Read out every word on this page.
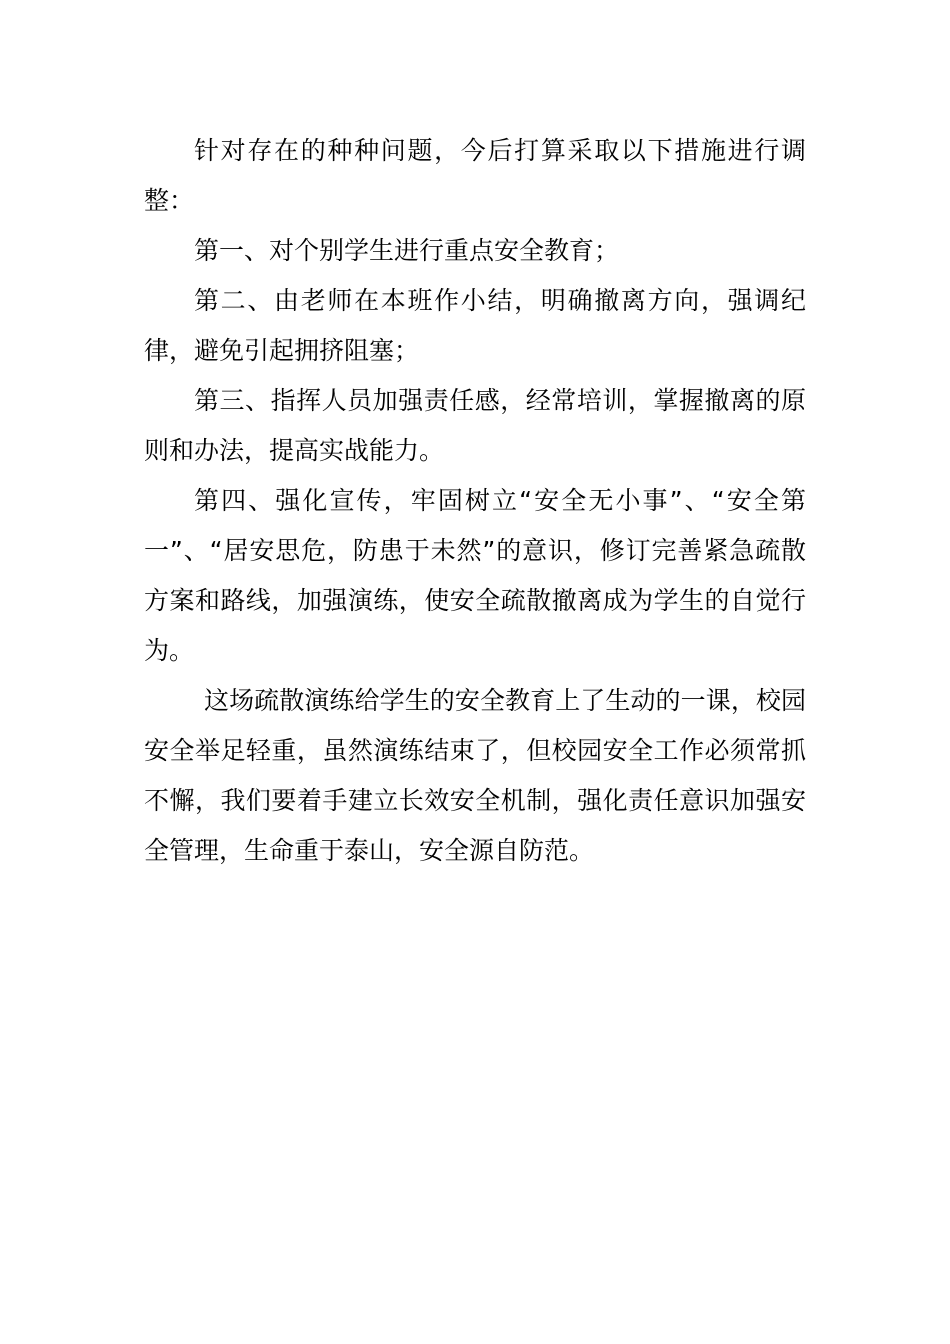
针对存在的种种问题，今后打算采取以下措施进行调整：

第一、对个别学生进行重点安全教育；

第二、由老师在本班作小结，明确撤离方向，强调纪律，避免引起拥挤阻塞；

第三、指挥人员加强责任感，经常培训，掌握撤离的原则和办法，提高实战能力。

第四、强化宣传，牢固树立“安全无小事”、“安全第一”、“居安思危，防患于未然”的意识，修订完善紧急疏散方案和路线，加强演练，使安全疏散撤离成为学生的自觉行为。

这场疏散演练给学生的安全教育上了生动的一课，校园安全举足轻重，虽然演练结束了，但校园安全工作必须常抓不懈，我们要着手建立长效安全机制，强化责任意识加强安全管理，生命重于泰山，安全源自防范。
